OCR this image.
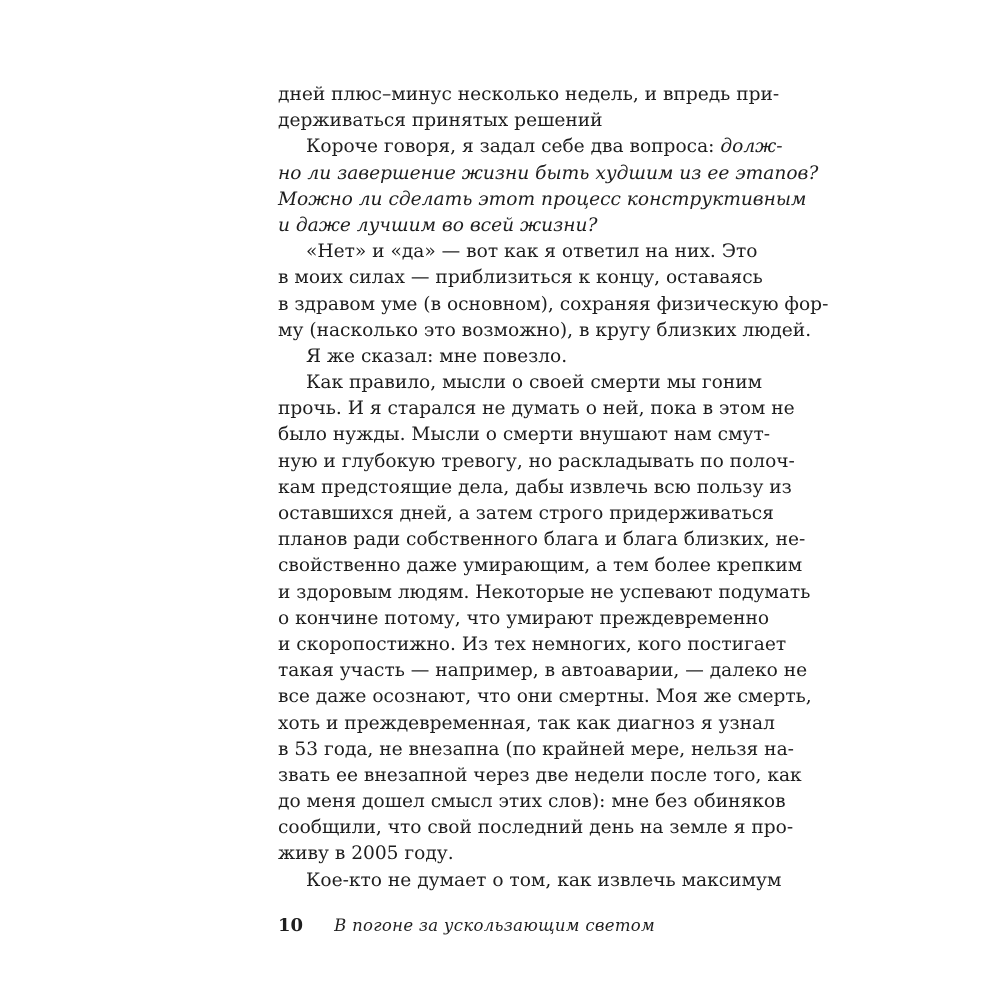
дней плюс–минус несколько недель, и впредь при-
держиваться принятых решений
Короче говоря, я задал себе два вопроса: долж-
но ли завершение жизни быть худшим из ее этапов?
Можно ли сделать этот процесс конструктивным
и даже лучшим во всей жизни?
«Нет» и «да» — вот как я ответил на них. Это
в моих силах — приблизиться к концу, оставаясь
в здравом уме (в основном), сохраняя физическую фор-
му (насколько это возможно), в кругу близких людей.
Я же сказал: мне повезло.
Как правило, мысли о своей смерти мы гоним
прочь. И я старался не думать о ней, пока в этом не
было нужды. Мысли о смерти внушают нам смут-
ную и глубокую тревогу, но раскладывать по полоч-
кам предстоящие дела, дабы извлечь всю пользу из
оставшихся дней, а затем строго придерживаться
планов ради собственного блага и блага близких, не-
свойственно даже умирающим, а тем более крепким
и здоровым людям. Некоторые не успевают подумать
о кончине потому, что умирают преждевременно
и скоропостижно. Из тех немногих, кого постигает
такая участь — например, в автоаварии, — далеко не
все даже осознают, что они смертны. Моя же смерть,
хоть и преждевременная, так как диагноз я узнал
в 53 года, не внезапна (по крайней мере, нельзя на-
звать ее внезапной через две недели после того, как
до меня дошел смысл этих слов): мне без обиняков
сообщили, что свой последний день на земле я про-
живу в 2005 году.
Кое-кто не думает о том, как извлечь максимум
10 В погоне за ускользающим светом
